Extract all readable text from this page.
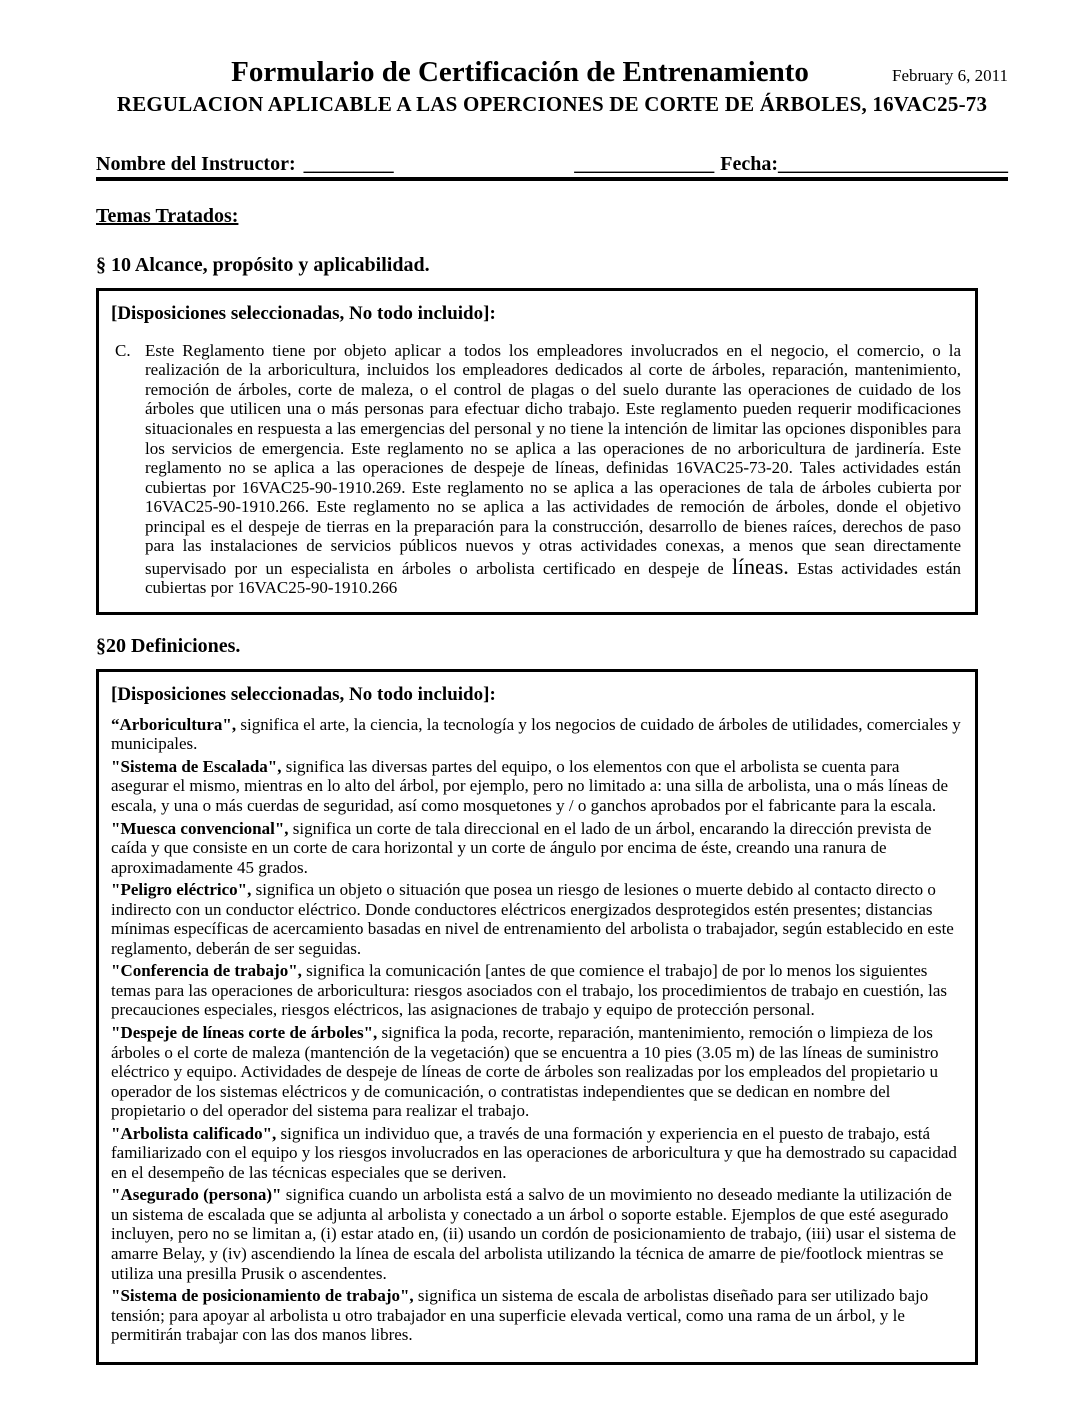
Formulario de Certificación de Entrenamiento	February 6, 2011
REGULACION APLICABLE A LAS OPERCIONES DE CORTE DE ÁRBOLES, 16VAC25-73
Nombre del Instructor: _________	______________ Fecha: _______________________
Temas Tratados:
§ 10 Alcance, propósito y aplicabilidad.
[Disposiciones seleccionadas, No todo incluido]:
C. Este Reglamento tiene por objeto aplicar a todos los empleadores involucrados en el negocio, el comercio, o la realización de la arboricultura, incluidos los empleadores dedicados al corte de árboles, reparación, mantenimiento, remoción de árboles, corte de maleza, o el control de plagas o del suelo durante las operaciones de cuidado de los árboles que utilicen una o más personas para efectuar dicho trabajo. Este reglamento pueden requerir modificaciones situacionales en respuesta a las emergencias del personal y no tiene la intención de limitar las opciones disponibles para los servicios de emergencia. Este reglamento no se aplica a las operaciones de no arboricultura de jardinería. Este reglamento no se aplica a las operaciones de despeje de líneas, definidas 16VAC25-73-20. Tales actividades están cubiertas por 16VAC25-90-1910.269. Este reglamento no se aplica a las operaciones de tala de árboles cubierta por 16VAC25-90-1910.266. Este reglamento no se aplica a las actividades de remoción de árboles, donde el objetivo principal es el despeje de tierras en la preparación para la construcción, desarrollo de bienes raíces, derechos de paso para las instalaciones de servicios públicos nuevos y otras actividades conexas, a menos que sean directamente supervisado por un especialista en árboles o arbolista certificado en despeje de líneas. Estas actividades están cubiertas por 16VAC25-90-1910.266

§20 Definiciones.
[Disposiciones seleccionadas, No todo incluido]:

“Arboricultura", significa el arte, la ciencia, la tecnología y los negocios de cuidado de árboles de utilidades, comerciales y municipales.

"Sistema de Escalada", significa las diversas partes del equipo, o los elementos con que el arbolista se cuenta para asegurar el mismo, mientras en lo alto del árbol, por ejemplo, pero no limitado a: una silla de arbolista, una o más líneas de escala, y una o más cuerdas de seguridad, así como mosquetones y / o ganchos aprobados por el fabricante para la escala.

"Muesca convencional", significa un corte de tala direccional en el lado de un árbol, encarando la dirección prevista de caída y que consiste en un corte de cara horizontal y un corte de ángulo por encima de éste, creando una ranura de aproximadamente 45 grados.

"Peligro eléctrico", significa un objeto o situación que posea un riesgo de lesiones o muerte debido al contacto directo o indirecto con un conductor eléctrico. Donde conductores eléctricos energizados desprotegidos estén presentes; distancias mínimas específicas de acercamiento basadas en nivel de entrenamiento del arbolista o trabajador, según establecido en este reglamento, deberán de ser seguidas.

"Conferencia de trabajo", significa la comunicación [antes de que comience el trabajo] de por lo menos los siguientes temas para las operaciones de arboricultura: riesgos asociados con el trabajo, los procedimientos de trabajo en cuestión, las precauciones especiales, riesgos eléctricos, las asignaciones de trabajo y equipo de protección personal.

"Despeje de líneas corte de árboles", significa la poda, recorte, reparación, mantenimiento, remoción o limpieza de los árboles o el corte de maleza (mantención de la vegetación) que se encuentra a 10 pies (3.05 m) de las líneas de suministro eléctrico y equipo. Actividades de despeje de líneas de corte de árboles son realizadas por los empleados del propietario u operador de los sistemas eléctricos y de comunicación, o contratistas independientes que se dedican en nombre del propietario o del operador del sistema para realizar el trabajo.

"Arbolista calificado", significa un individuo que, a través de una formación y experiencia en el puesto de trabajo, está familiarizado con el equipo y los riesgos involucrados en las operaciones de arboricultura y que ha demostrado su capacidad en el desempeño de las técnicas especiales que se deriven.

"Asegurado (persona)" significa cuando un arbolista está a salvo de un movimiento no deseado mediante la utilización de un sistema de escalada que se adjunta al arbolista y conectado a un árbol o soporte estable. Ejemplos de que esté asegurado incluyen, pero no se limitan a, (i) estar atado en, (ii) usando un cordón de posicionamiento de trabajo, (iii) usar el sistema de amarre Belay, y (iv) ascendiendo la línea de escala del arbolista utilizando la técnica de amarre de pie/footlock mientras se utiliza una presilla Prusik o ascendentes.

"Sistema de posicionamiento de trabajo", significa un sistema de escala de arbolistas diseñado para ser utilizado bajo tensión; para apoyar al arbolista u otro trabajador en una superficie elevada vertical, como una rama de un árbol, y le permitirán trabajar con las dos manos libres.
